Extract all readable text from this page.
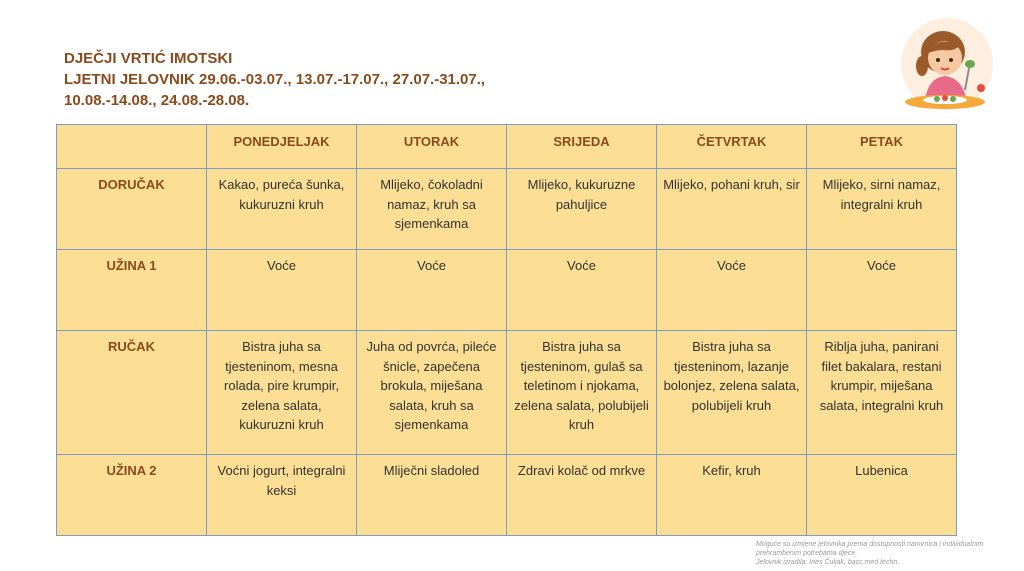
DJEČJI VRTIĆ IMOTSKI
LJETNI JELOVNIK 29.06.-03.07., 13.07.-17.07., 27.07.-31.07.,
10.08.-14.08., 24.08.-28.08.
	PONEDJELJAK	UTORAK	SRIJEDA	ČETVRTAK	PETAK
DORUČAK	Kakao, pureća šunka, kukuruzni kruh	Mlijeko, čokoladni namaz, kruh sa sjemenkama	Mlijeko, kukuruzne pahuljice	Mlijeko, pohani kruh, sir	Mlijeko, sirni namaz, integralni kruh
UŽINA 1	Voće	Voće	Voće	Voće	Voće
RUČAK	Bistra juha sa tjesteninom, mesna rolada, pire krumpir, zelena salata, kukuruzni kruh	Juha od povrća, pileće šnicle, zapečena brokula, miješana salata, kruh sa sjemenkama	Bistra juha sa tjesteninom, gulaš sa teletinom i njokama, zelena salata, polubijeli kruh	Bistra juha sa tjesteninom, lazanje bolonjez, zelena salata, polubijeli kruh	Riblja juha, panirani filet bakalara, restani krumpir, miješana salata, integralni kruh
UŽINA 2	Voćni jogurt, integralni keksi	Mliječni sladoled	Zdravi kolač od mrkve	Kefir, kruh	Lubenica
Moguće su izmjene jelovnika prema dostupnosti namirnica i individualnim
prehrambenim potrebama djece.
Jelovnik izradila: Ines Čuljak, bacc.med.techn.
